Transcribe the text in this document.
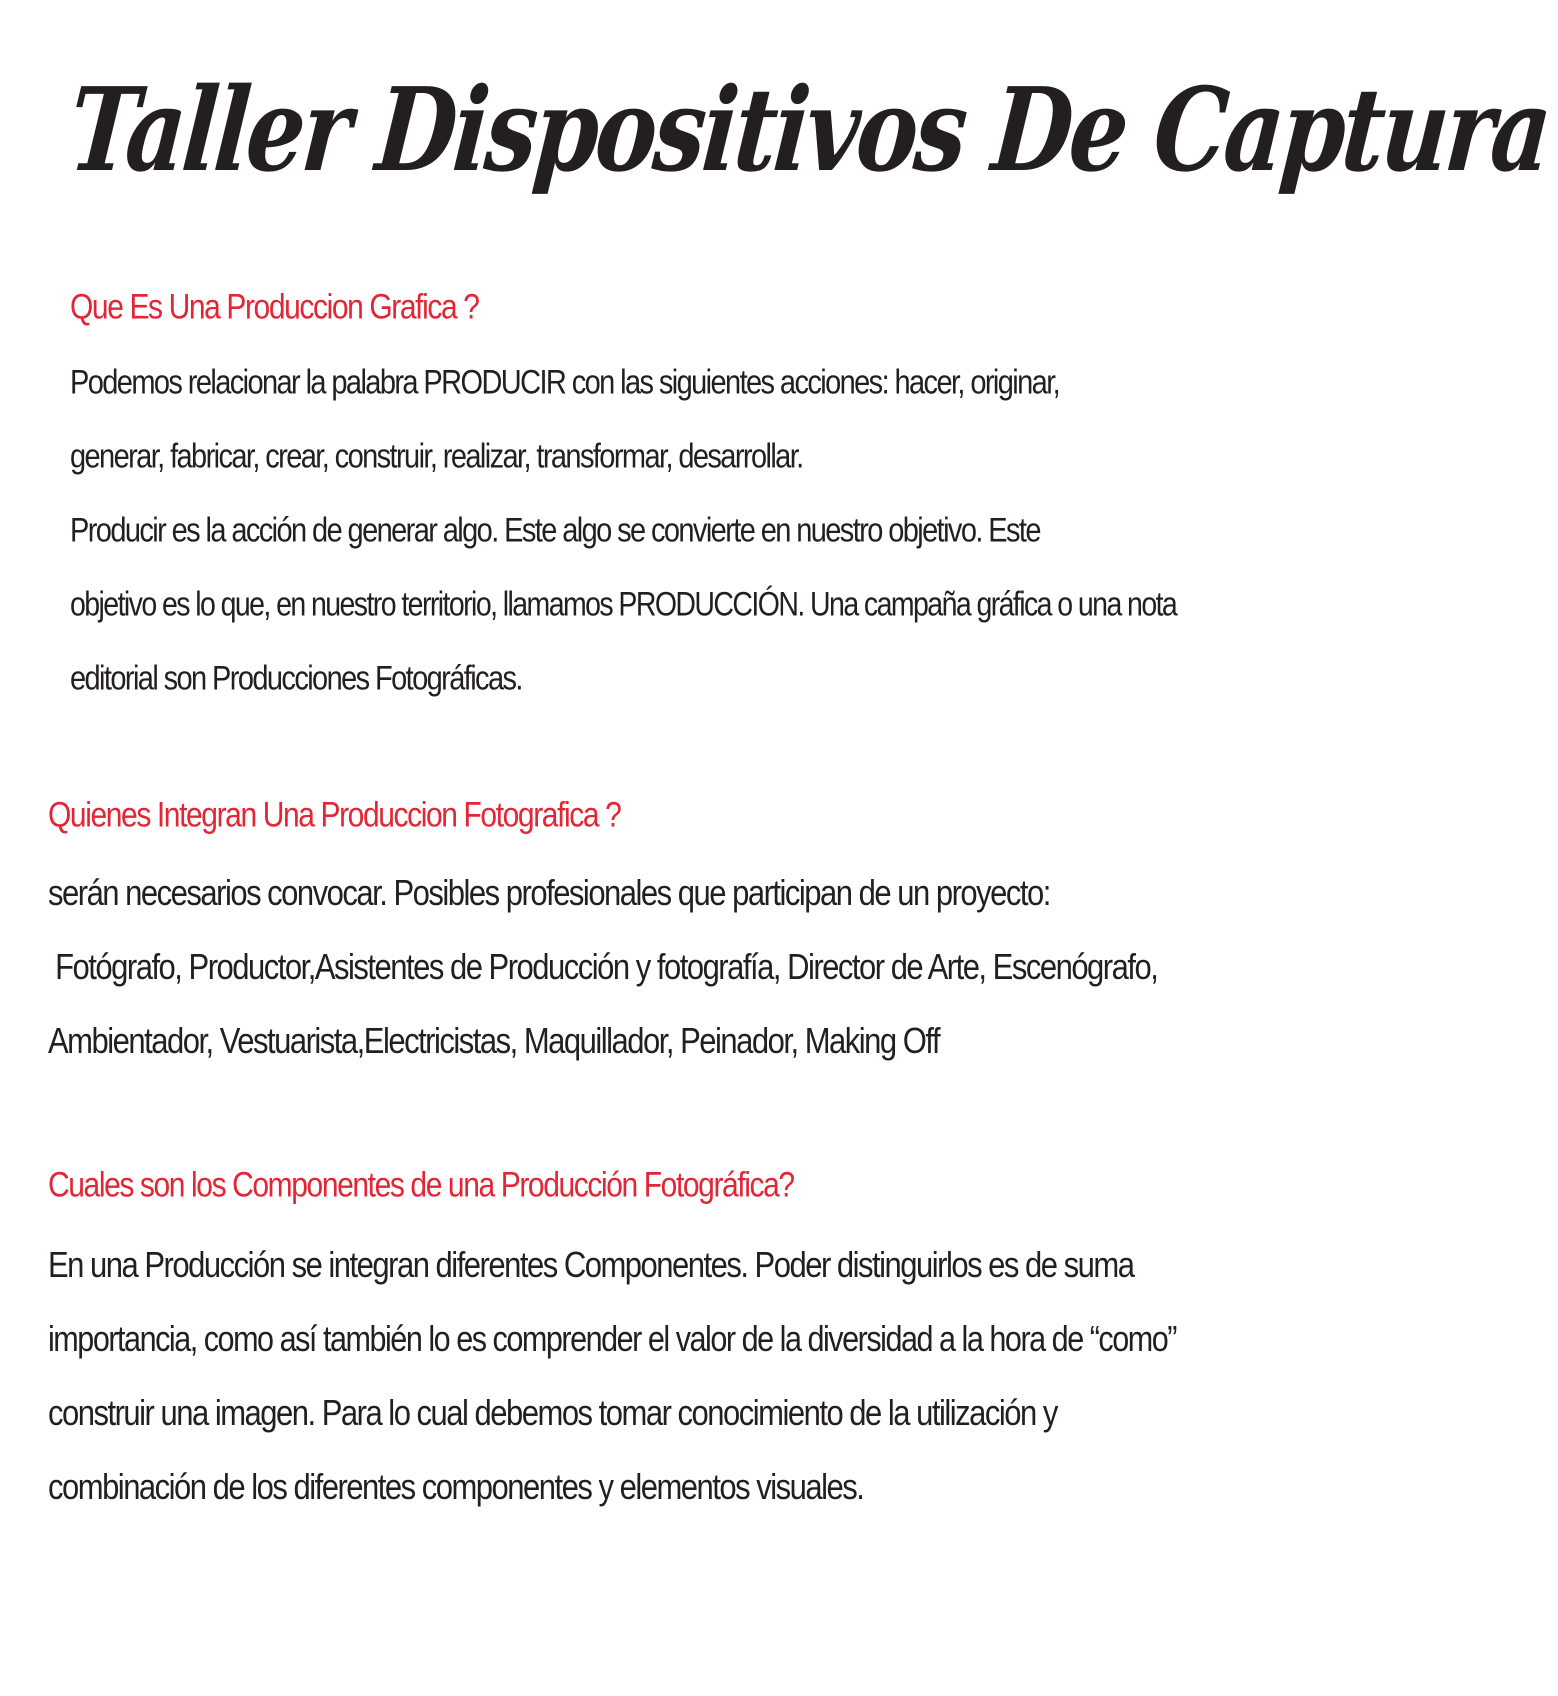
Taller Dispositivos De Captura
Que Es Una Produccion Grafica ?

Podemos relacionar la palabra PRODUCIR con las siguientes acciones: hacer, originar,

generar, fabricar, crear, construir, realizar, transformar, desarrollar.

Producir es la acción de generar algo. Este algo se convierte en nuestro objetivo. Este

objetivo es lo que, en nuestro territorio, llamamos PRODUCCIÓN. Una campaña gráfica o una nota

editorial son Producciones Fotográficas.

Quienes Integran Una Produccion Fotografica ?

serán necesarios convocar. Posibles profesionales que participan de un proyecto:

Fotógrafo, Productor,Asistentes de Producción y fotografía, Director de Arte, Escenógrafo,

Ambientador, Vestuarista,Electricistas, Maquillador, Peinador, Making Off

Cuales son los Componentes de una Producción Fotográfica?

En una Producción se integran diferentes Componentes. Poder distinguirlos es de suma

importancia, como así también lo es comprender el valor de la diversidad a la hora de “como”

construir una imagen. Para lo cual debemos tomar conocimiento de la utilización y

combinación de los diferentes componentes y elementos visuales.
